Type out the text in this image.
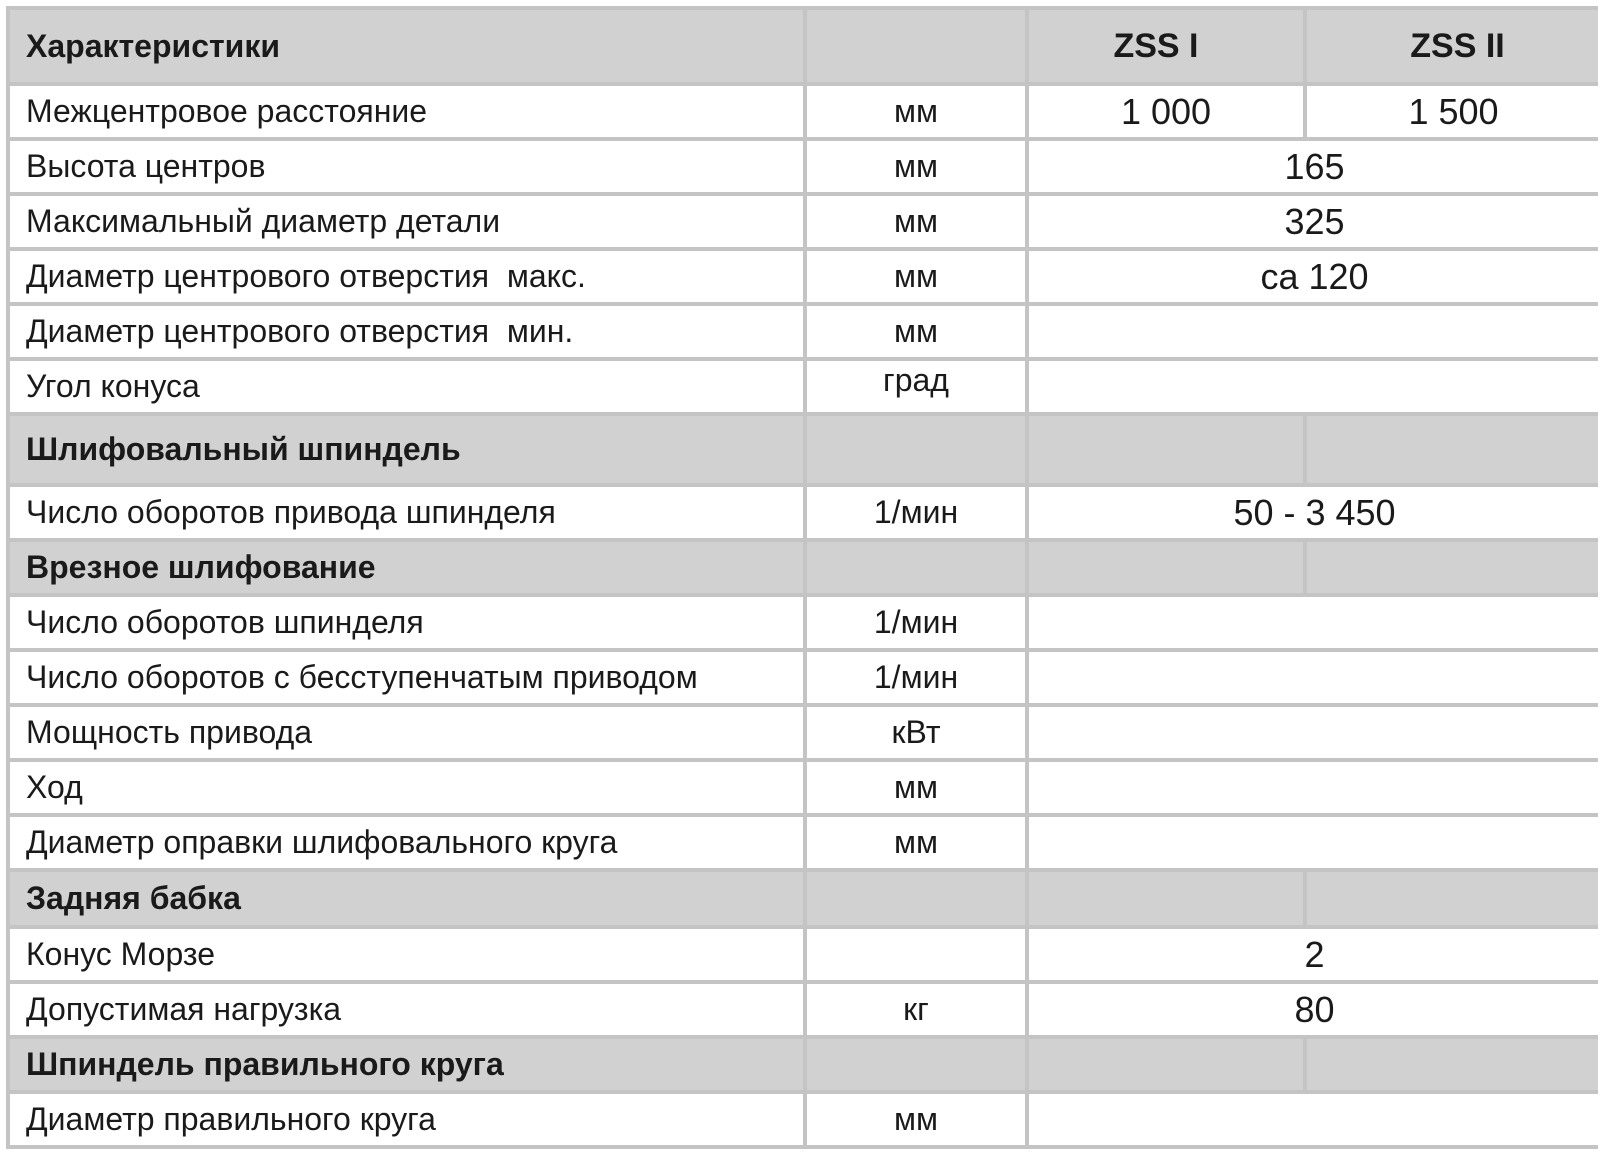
Характеристики		ZSS I	ZSS II
Межцентровое расстояние	мм	1 000	1 500
Высота центров	мм	165	
Максимальный диаметр детали	мм	325	
Диаметр центрового отверстия  макс.	мм	ca 120	
Диаметр центрового отверстия  мин.	мм		
Угол конуса	град		
Шлифовальный шпиндель			
Число оборотов привода шпинделя	1/мин	50 - 3 450	
Врезное шлифование			
Число оборотов шпинделя	1/мин		
Число оборотов с бесступенчатым приводом	1/мин		
Мощность привода	кВт		
Ход	мм		
Диаметр оправки шлифовального круга	мм		
Задняя бабка			
Конус Морзе		2	
Допустимая нагрузка	кг	80	
Шпиндель правильного круга			
Диаметр правильного круга	мм		
